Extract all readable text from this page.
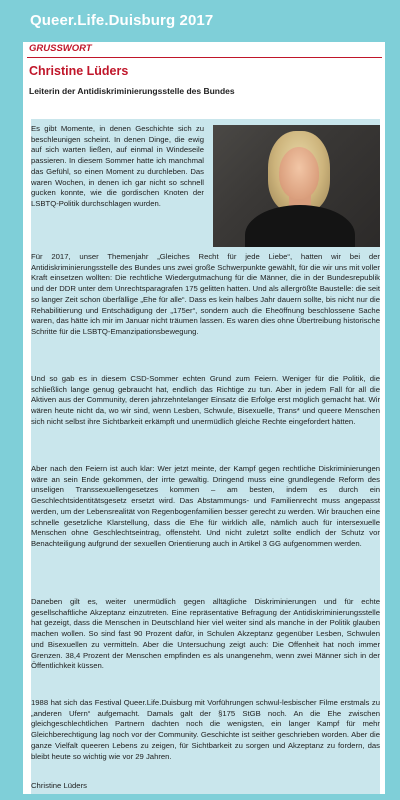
Queer.Life.Duisburg 2017
GRUSSWORT
Christine Lüders
Leiterin der Antidiskriminierungsstelle des Bundes

Es gibt Momente, in denen Geschichte sich zu beschleunigen scheint. In denen Dinge, die ewig auf sich warten ließen, auf einmal in Windeseile passieren. In diesem Sommer hatte ich manchmal das Gefühl, so einen Moment zu durchleben. Das waren Wochen, in denen ich gar nicht so schnell gucken konnte, wie die gordischen Knoten der LSBTQ-Politik durchschlagen wurden.

Für 2017, unser Themenjahr „Gleiches Recht für jede Liebe“, hatten wir bei der Antidiskriminierungsstelle des Bundes uns zwei große Schwerpunkte gewählt, für die wir uns mit voller Kraft einsetzen wollten: Die rechtliche Wiedergutmachung für die Männer, die in der Bundesrepublik und der DDR unter dem Unrechtsparagrafen 175 gelitten hatten. Und als allergrößte Baustelle: die seit so langer Zeit schon überfällige „Ehe für alle“. Dass es kein halbes Jahr dauern sollte, bis nicht nur die Rehabilitierung und Entschädigung der „175er“, sondern auch die Eheöffnung beschlossene Sache waren, das hätte ich mir im Januar nicht träumen lassen. Es waren dies ohne Übertreibung historische Schritte für die LSBTQ-Emanzipationsbewegung.

Und so gab es in diesem CSD-Sommer echten Grund zum Feiern. Weniger für die Politik, die schließlich lange genug gebraucht hat, endlich das Richtige zu tun. Aber in jedem Fall für all die Aktiven aus der Community, deren jahrzehntelanger Einsatz die Erfolge erst möglich gemacht hat. Wir wären heute nicht da, wo wir sind, wenn Lesben, Schwule, Bisexuelle, Trans* und queere Menschen sich nicht selbst ihre Sichtbarkeit erkämpft und unermüdlich gleiche Rechte eingefordert hätten.

Aber nach den Feiern ist auch klar: Wer jetzt meinte, der Kampf gegen rechtliche Diskriminierungen wäre an sein Ende gekommen, der irrte gewaltig. Dringend muss eine grundlegende Reform des unseligen Transsexuellengesetzes kommen – am besten, indem es durch ein Geschlechtsidentitätsgesetz ersetzt wird. Das Abstammungs- und Familienrecht muss angepasst werden, um der Lebensrealität von Regenbogenfamilien besser gerecht zu werden. Wir brauchen eine schnelle gesetzliche Klarstellung, dass die Ehe für wirklich alle, nämlich auch für intersexuelle Menschen ohne Geschlechtseintrag, offensteht. Und nicht zuletzt sollte endlich der Schutz vor Benachteiligung aufgrund der sexuellen Orientierung auch in Artikel 3 GG aufgenommen werden.

Daneben gilt es, weiter unermüdlich gegen alltägliche Diskriminierungen und für echte gesellschaftliche Akzeptanz einzutreten. Eine repräsentative Befragung der Antidiskriminierungsstelle hat gezeigt, dass die Menschen in Deutschland hier viel weiter sind als manche in der Politik glauben machen wollen. So sind fast 90 Prozent dafür, in Schulen Akzeptanz gegenüber Lesben, Schwulen und Bisexuellen zu vermitteln. Aber die Untersuchung zeigt auch: Die Offenheit hat noch immer Grenzen. 38,4 Prozent der Menschen empfinden es als unangenehm, wenn zwei Männer sich in der Öffentlichkeit küssen.

1988 hat sich das Festival Queer.Life.Duisburg mit Vorführungen schwul-lesbischer Filme erstmals zu „anderen Ufern“ aufgemacht. Damals galt der §175 StGB noch. An die Ehe zwischen gleichgeschlechtlichen Partnern dachten noch die wenigsten, ein langer Kampf für mehr Gleichberechtigung lag noch vor der Community. Geschichte ist seither geschrieben worden. Aber die ganze Vielfalt queeren Lebens zu zeigen, für Sichtbarkeit zu sorgen und Akzeptanz zu fordern, das bleibt heute so wichtig wie vor 29 Jahren.

Christine Lüders
